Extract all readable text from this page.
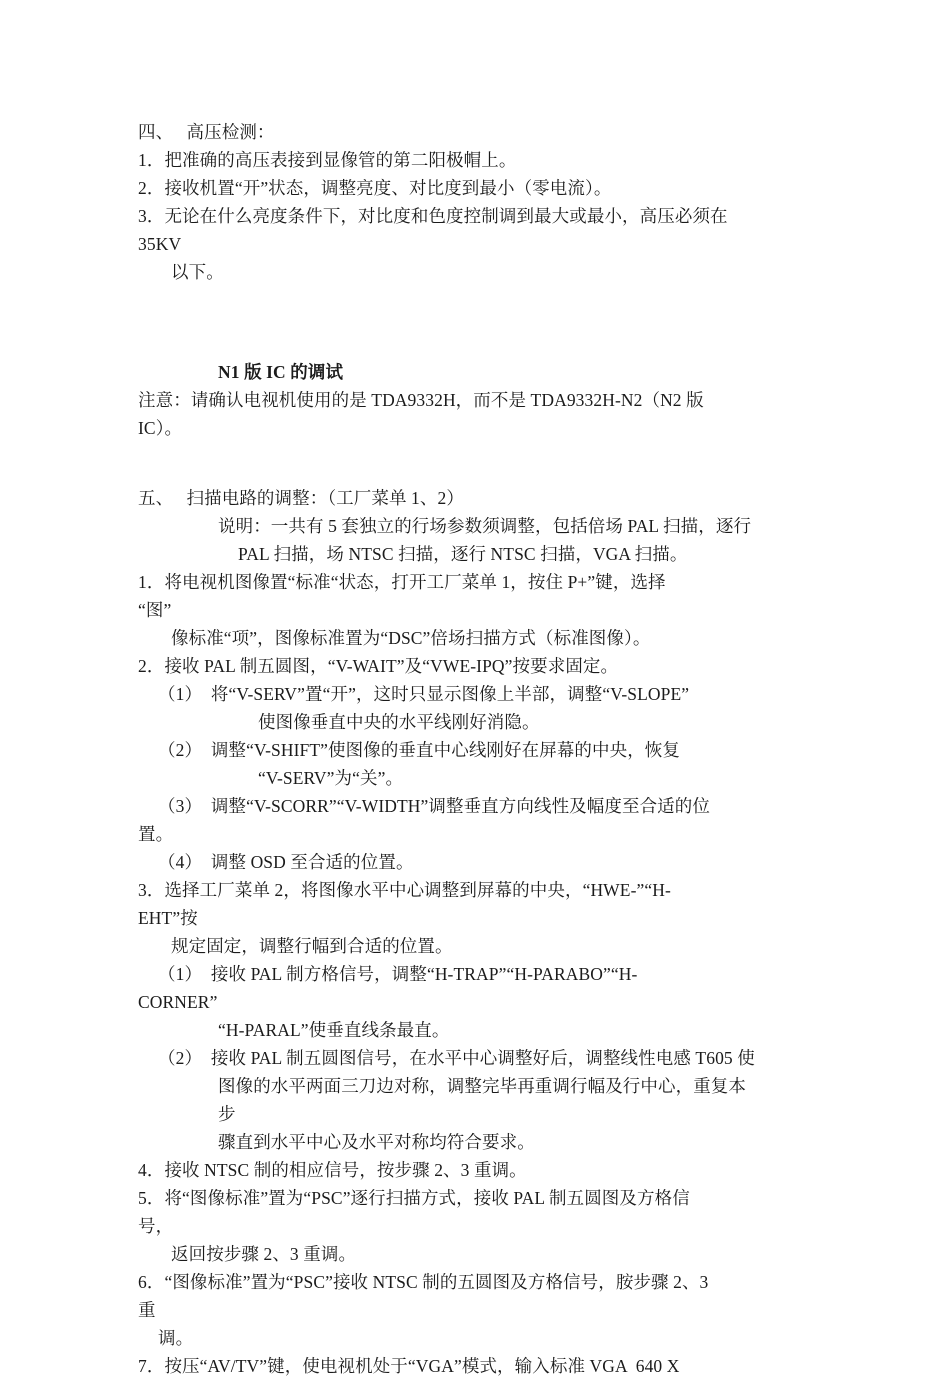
四、　 高压检测：
1．把准确的高压表接到显像管的第二阳极帽上。
2．接收机置“开”状态，调整亮度、对比度到最小（零电流）。
3．无论在什么亮度条件下，对比度和色度控制调到最大或最小，高压必须在
35KV
以下。
N1 版 IC 的调试
注意：请确认电视机使用的是 TDA9332H，而不是 TDA9332H-N2（N2 版
IC）。
五、　 扫描电路的调整：（工厂菜单 1、2）
说明：一共有 5 套独立的行场参数须调整，包括倍场 PAL 扫描，逐行
PAL 扫描，场 NTSC 扫描，逐行 NTSC 扫描，VGA 扫描。
1．将电视机图像置“标准“状态，打开工厂菜单 1，按住 P+”键，选择
“图”
像标准“项”，图像标准置为“DSC”倍场扫描方式（标准图像）。
2．接收 PAL 制五圆图，“V-WAIT”及“VWE-IPQ”按要求固定。
（1）　将“V-SERV”置“开”，这时只显示图像上半部，调整“V-SLOPE”
使图像垂直中央的水平线刚好消隐。
（2）　调整“V-SHIFT”使图像的垂直中心线刚好在屏幕的中央，恢复
“V-SERV”为“关”。
（3）　调整“V-SCORR”“V-WIDTH”调整垂直方向线性及幅度至合适的位
置。
（4）　调整 OSD 至合适的位置。
3．选择工厂菜单 2，将图像水平中心调整到屏幕的中央，“HWE-”“H-
EHT”按
规定固定，调整行幅到合适的位置。
（1）　接收 PAL 制方格信号，调整“H-TRAP”“H-PARABO”“H-
CORNER”
“H-PARAL”使垂直线条最直。
（2）　接收 PAL 制五圆图信号，在水平中心调整好后，调整线性电感 T605 使
图像的水平两面三刀边对称，调整完毕再重调行幅及行中心，重复本
步
骤直到水平中心及水平对称均符合要求。
4．接收 NTSC 制的相应信号，按步骤 2、3 重调。
5．将“图像标准”置为“PSC”逐行扫描方式，接收 PAL 制五圆图及方格信
号，
返回按步骤 2、3 重调。
6．“图像标准”置为“PSC”接收 NTSC 制的五圆图及方格信号，胺步骤 2、3
重
调。
7．按压“AV/TV”键，使电视机处于“VGA”模式，输入标准 VGA  640 X
